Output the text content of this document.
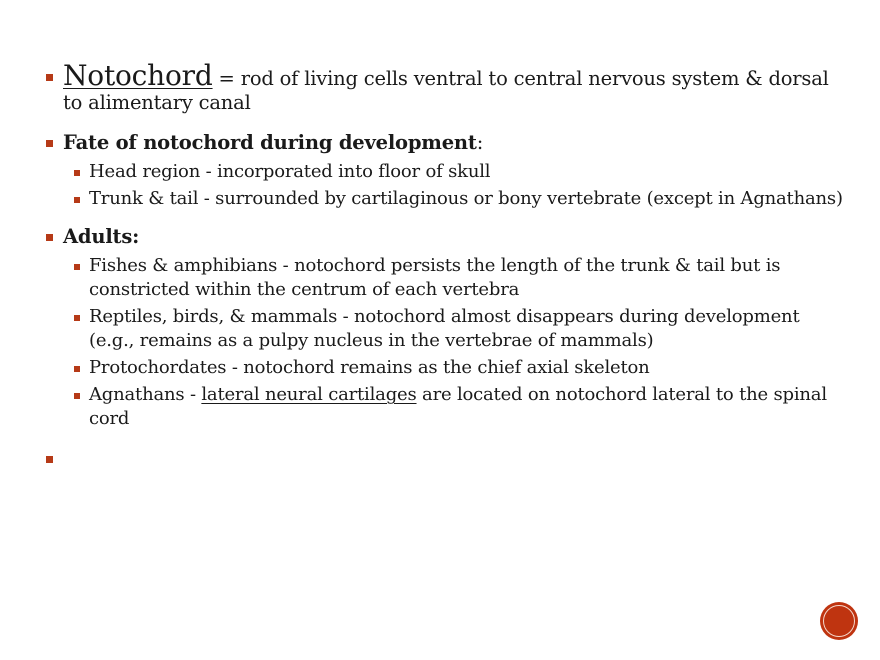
Notochord = rod of living cells ventral to central nervous system & dorsal to alimentary canal
Fate of notochord during development:
Head region - incorporated into floor of skull
Trunk & tail - surrounded by cartilaginous or bony vertebrate (except in Agnathans)
Adults:
Fishes & amphibians - notochord persists the length of the trunk & tail but is constricted within the centrum of each vertebra
Reptiles, birds, & mammals - notochord almost disappears during development (e.g., remains as a pulpy nucleus in the vertebrae of mammals)
Protochordates - notochord remains as the chief axial skeleton
Agnathans - lateral neural cartilages are located on notochord lateral to the spinal cord
